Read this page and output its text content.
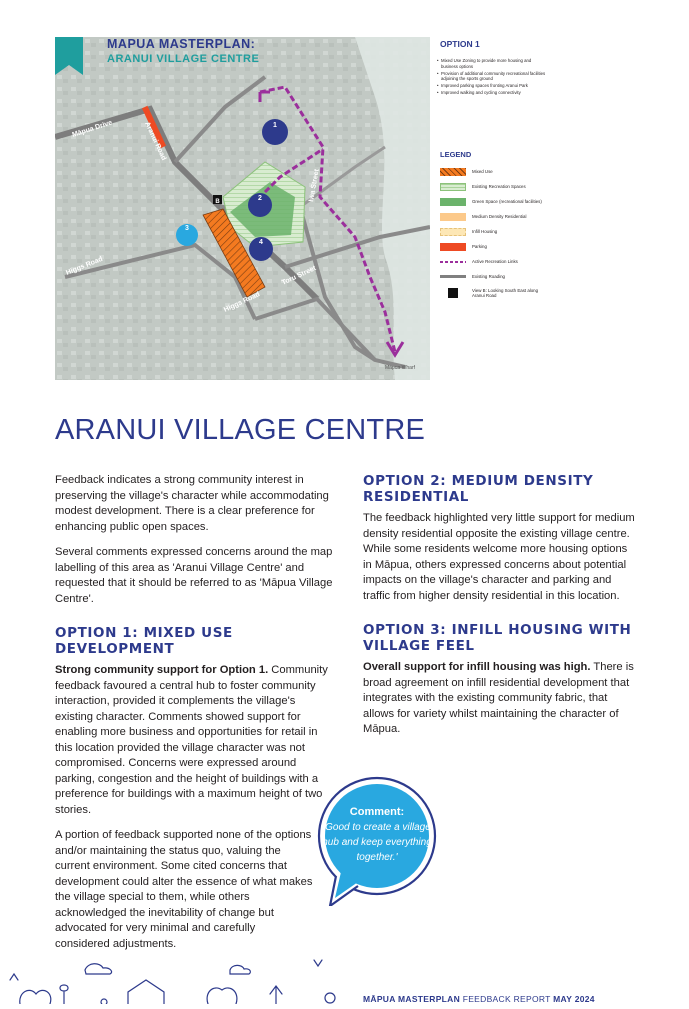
Māpua Drive	Aranui Road
Higgs Road
Higgs Road
Iwa Street
Toru Street
Māpua Wharf
1
2
3
4
B
MAPUA MASTERPLAN:
ARANUI VILLAGE CENTRE
OPTION 1
• Mixed Use Zoning to provide more housing and business options
• Provision of additional community recreational facilities adjoining the sports ground
• Improved parking spaces fronting Aranui Park
• Improved walking and cycling connectivity
LEGEND
Mixed Use
Existing Recreation Spaces
Green Space (recreational facilities)
Medium Density Residential
Infill Housing
Parking
Active Recreation Links
Existing Roading
View B: Looking South East along Aranui Road
ARANUI VILLAGE CENTRE

Feedback indicates a strong community interest in preserving the village's character while accommodating modest development. There is a clear preference for enhancing public open spaces.

Several comments expressed concerns around the map labelling of this area as 'Aranui Village Centre' and requested that it should be referred to as 'Māpua Village Centre'.

OPTION 1: MIXED USE DEVELOPMENT

Strong community support for Option 1. Community feedback favoured a central hub to foster community interaction, provided it complements the village's existing character. Comments showed support for enabling more business and opportunities for retail in this location provided the village character was not compromised. Concerns were expressed around parking, congestion and the height of buildings with a preference for buildings with a maximum height of two stories.

A portion of feedback supported none of the options and/or maintaining the status quo, valuing the current environment. Some cited concerns that development could alter the essence of what makes the village special to them, while others acknowledged the inevitability of change but advocated for very minimal and carefully considered adjustments.

OPTION 2: MEDIUM DENSITY RESIDENTIAL

The feedback highlighted very little support for medium density residential opposite the existing village centre. While some residents welcome more housing options in Māpua, others expressed concerns about potential impacts on the village's character and parking and traffic from higher density residential in this location.

OPTION 3: INFILL HOUSING WITH VILLAGE FEEL

Overall support for infill housing was high. There is broad agreement on infill residential development that integrates with the existing community fabric, that allows for variety whilst maintaining the character of Māpua.

Comment:
'Good to create a village hub and keep everything together.'
MĀPUA MASTERPLAN FEEDBACK REPORT MAY 2024
